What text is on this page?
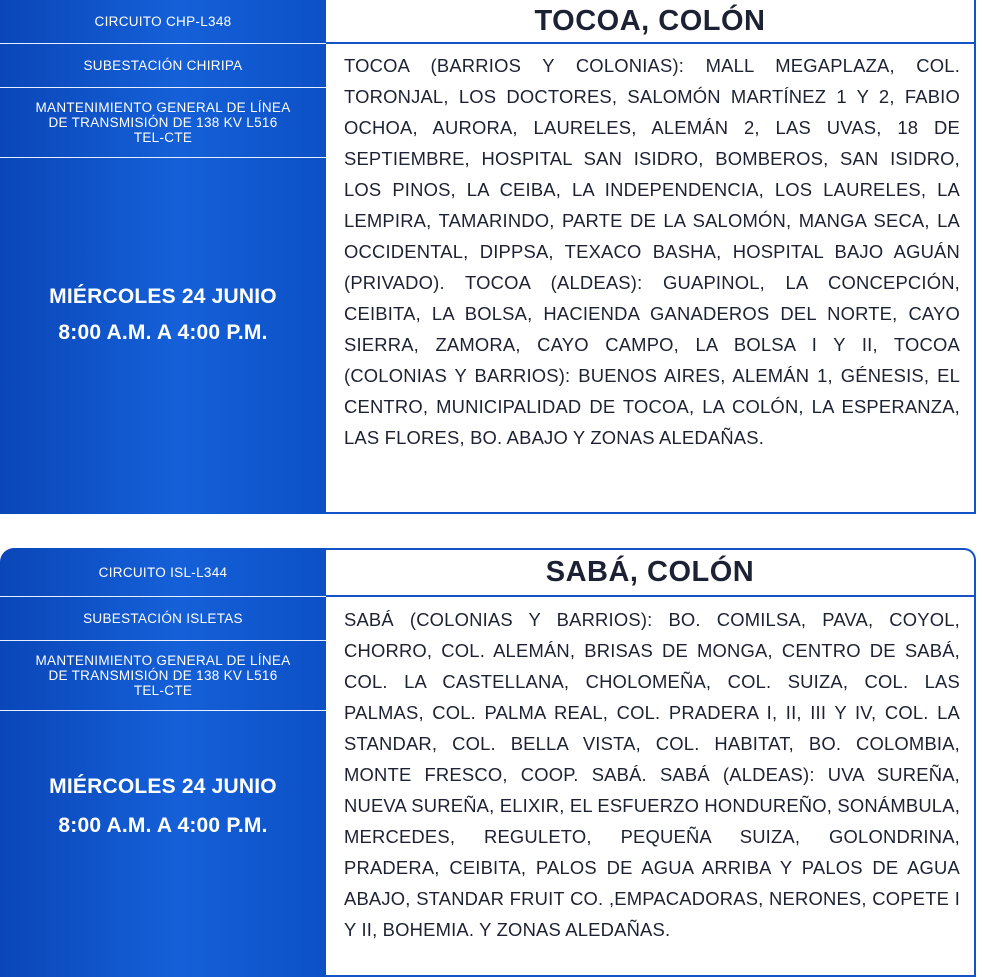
CIRCUITO CHP-L348
SUBESTACIÓN CHIRIPA
MANTENIMIENTO GENERAL DE LÍNEA
DE TRANSMISIÓN DE 138 KV L516
TEL-CTE
MIÉRCOLES 24 JUNIO
8:00 A.M. A 4:00 P.M.
TOCOA, COLÓN
TOCOA (BARRIOS Y COLONIAS): MALL MEGAPLAZA, COL. TORONJAL, LOS DOCTORES, SALOMÓN MARTÍNEZ 1 Y 2, FABIO OCHOA, AURORA, LAURELES, ALEMÁN 2, LAS UVAS, 18 DE SEPTIEMBRE, HOSPITAL SAN ISIDRO, BOMBEROS, SAN ISIDRO, LOS PINOS, LA CEIBA, LA INDEPENDENCIA, LOS LAURELES, LA LEMPIRA, TAMARINDO, PARTE DE LA SALOMÓN, MANGA SECA, LA OCCIDENTAL, DIPPSA, TEXACO BASHA, HOSPITAL BAJO AGUÁN (PRIVADO). TOCOA (ALDEAS): GUAPINOL, LA CONCEPCIÓN, CEIBITA, LA BOLSA, HACIENDA GANADEROS DEL NORTE, CAYO SIERRA, ZAMORA, CAYO CAMPO, LA BOLSA I Y II, TOCOA (COLONIAS Y BARRIOS): BUENOS AIRES, ALEMÁN 1, GÉNESIS, EL CENTRO, MUNICIPALIDAD DE TOCOA, LA COLÓN, LA ESPERANZA, LAS FLORES, BO. ABAJO Y ZONAS ALEDAÑAS.
CIRCUITO ISL-L344
SUBESTACIÓN ISLETAS
MANTENIMIENTO GENERAL DE LÍNEA
DE TRANSMISIÓN DE 138 KV L516
TEL-CTE
MIÉRCOLES 24 JUNIO
8:00 A.M. A 4:00 P.M.
SABÁ, COLÓN
SABÁ (COLONIAS Y BARRIOS): BO. COMILSA, PAVA, COYOL, CHORRO, COL. ALEMÁN, BRISAS DE MONGA, CENTRO DE SABÁ, COL. LA CASTELLANA, CHOLOMEÑA, COL. SUIZA, COL. LAS PALMAS, COL. PALMA REAL, COL. PRADERA I, II, III Y IV, COL. LA STANDAR, COL. BELLA VISTA, COL. HABITAT, BO. COLOMBIA, MONTE FRESCO, COOP. SABÁ. SABÁ (ALDEAS): UVA SUREÑA, NUEVA SUREÑA, ELIXIR, EL ESFUERZO HONDUREÑO, SONÁMBULA, MERCEDES, REGULETO, PEQUEÑA SUIZA, GOLONDRINA, PRADERA, CEIBITA, PALOS DE AGUA ARRIBA Y PALOS DE AGUA ABAJO, STANDAR FRUIT CO. ,EMPACADORAS, NERONES, COPETE I Y II, BOHEMIA. Y ZONAS ALEDAÑAS.
